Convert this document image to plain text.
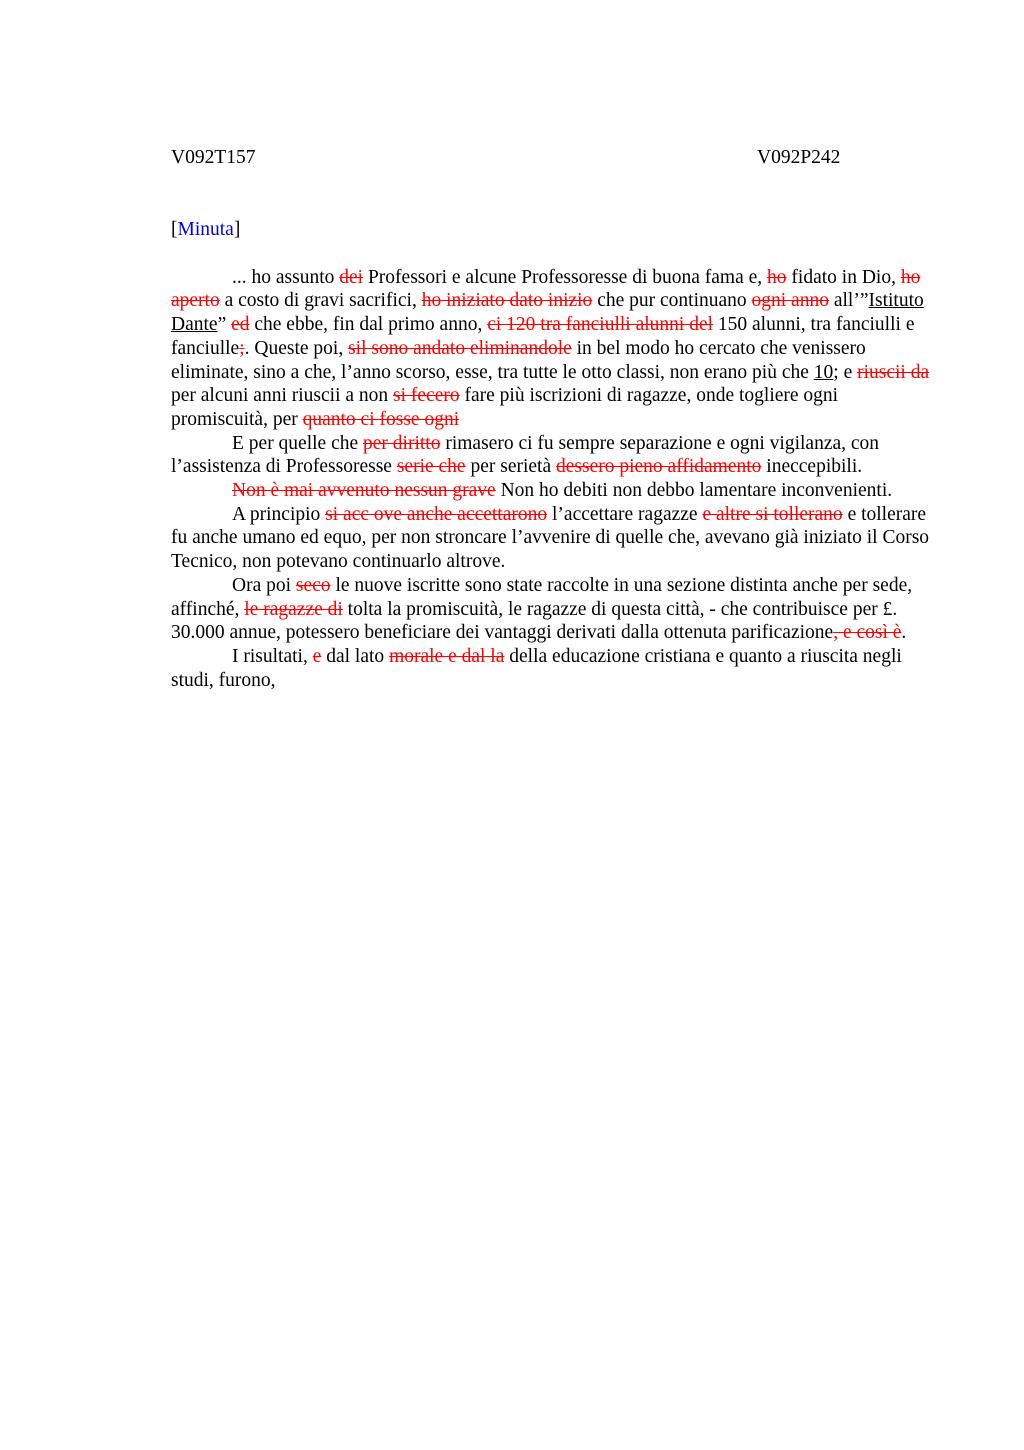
V092T157	V092P242
[Minuta]

... ho assunto dei Professori e alcune Professoresse di buona fama e, ho fidato in Dio, ho aperto a costo di gravi sacrifici, ho iniziato dato inizio che pur continuano ogni anno all’”Istituto Dante” ed che ebbe, fin dal primo anno, ci 120 tra fanciulli alunni del 150 alunni, tra fanciulli e fanciulle;. Queste poi, sil sono andato eliminandole in bel modo ho cercato che venissero eliminate, sino a che, l’anno scorso, esse, tra tutte le otto classi, non erano più che 10; e riuscii da per alcuni anni riuscii a non si fecero fare più iscrizioni di ragazze, onde togliere ogni promiscuità, per quanto ci fosse ogni

E per quelle che per diritto rimasero ci fu sempre separazione e ogni vigilanza, con l’assistenza di Professoresse serie che per serietà dessero pieno affidamento ineccepibili.

Non è mai avvenuto nessun grave Non ho debiti non debbo lamentare inconvenienti.

A principio si acc ove anche accettarono l’accettare ragazze e altre si tollerano e tollerare fu anche umano ed equo, per non stroncare l’avvenire di quelle che, avevano già iniziato il Corso Tecnico, non potevano continuarlo altrove.

Ora poi seco le nuove iscritte sono state raccolte in una sezione distinta anche per sede, affinché, le ragazze di tolta la promiscuità, le ragazze di questa città, - che contribuisce per £. 30.000 annue, potessero beneficiare dei vantaggi derivati dalla ottenuta parificazione, e così è.

I risultati, e dal lato morale e dal la della educazione cristiana e quanto a riuscita negli studi, furono,
